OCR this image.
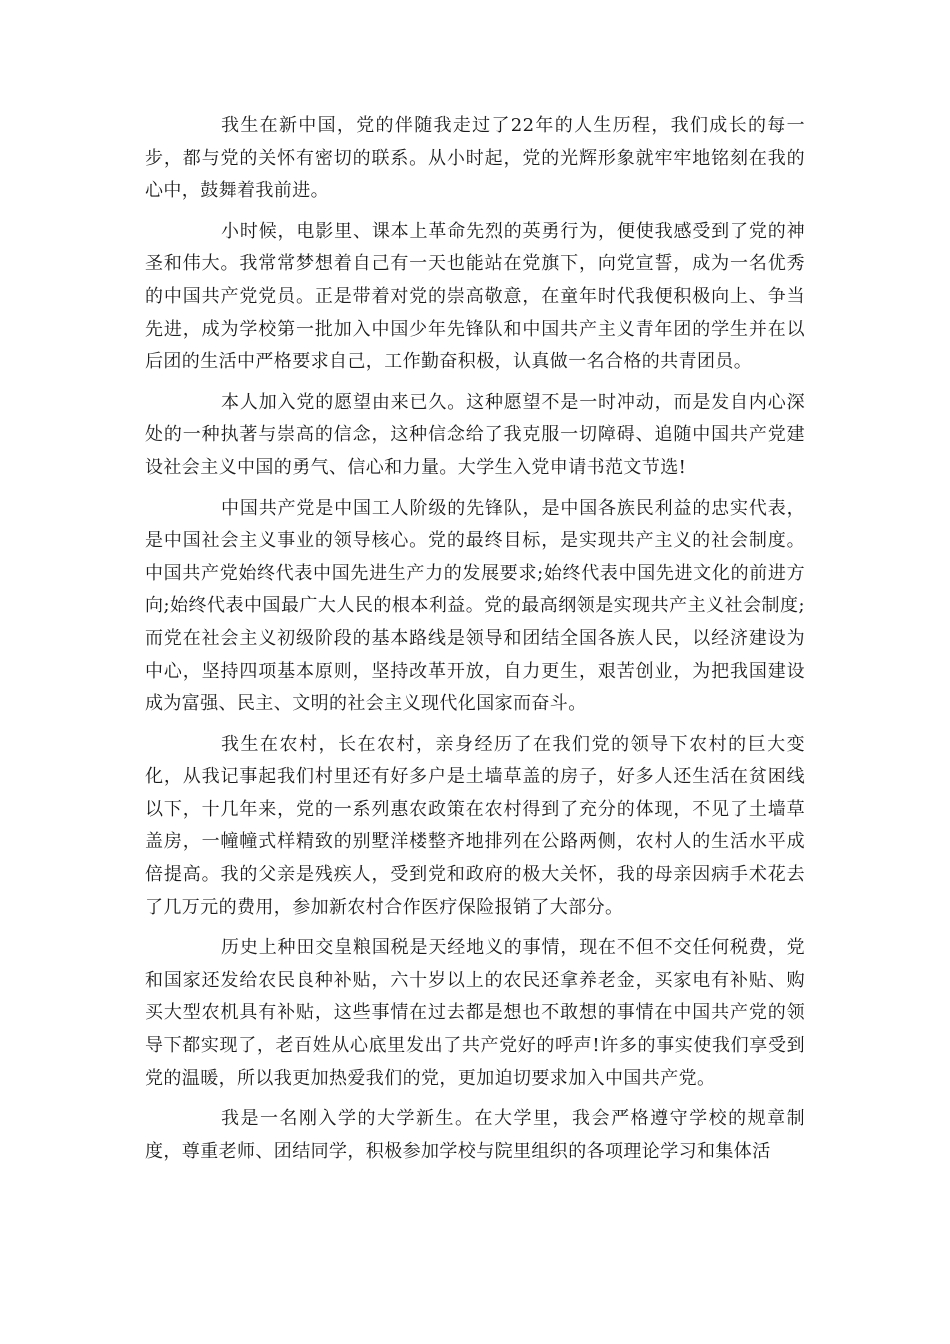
我生在新中国，党的伴随我走过了22年的人生历程，我们成长的每一步，都与党的关怀有密切的联系。从小时起，党的光辉形象就牢牢地铭刻在我的心中，鼓舞着我前进。

小时候，电影里、课本上革命先烈的英勇行为，便使我感受到了党的神圣和伟大。我常常梦想着自己有一天也能站在党旗下，向党宣誓，成为一名优秀的中国共产党党员。正是带着对党的崇高敬意，在童年时代我便积极向上、争当先进，成为学校第一批加入中国少年先锋队和中国共产主义青年团的学生并在以后团的生活中严格要求自己，工作勤奋积极，认真做一名合格的共青团员。

本人加入党的愿望由来已久。这种愿望不是一时冲动，而是发自内心深处的一种执著与崇高的信念，这种信念给了我克服一切障碍、追随中国共产党建设社会主义中国的勇气、信心和力量。大学生入党申请书范文节选!

中国共产党是中国工人阶级的先锋队，是中国各族民利益的忠实代表，是中国社会主义事业的领导核心。党的最终目标，是实现共产主义的社会制度。中国共产党始终代表中国先进生产力的发展要求;始终代表中国先进文化的前进方向;始终代表中国最广大人民的根本利益。党的最高纲领是实现共产主义社会制度;而党在社会主义初级阶段的基本路线是领导和团结全国各族人民，以经济建设为中心，坚持四项基本原则，坚持改革开放，自力更生，艰苦创业，为把我国建设成为富强、民主、文明的社会主义现代化国家而奋斗。

我生在农村，长在农村，亲身经历了在我们党的领导下农村的巨大变化，从我记事起我们村里还有好多户是土墙草盖的房子，好多人还生活在贫困线以下，十几年来，党的一系列惠农政策在农村得到了充分的体现，不见了土墙草盖房，一幢幢式样精致的别墅洋楼整齐地排列在公路两侧，农村人的生活水平成倍提高。我的父亲是残疾人，受到党和政府的极大关怀，我的母亲因病手术花去了几万元的费用，参加新农村合作医疗保险报销了大部分。

历史上种田交皇粮国税是天经地义的事情，现在不但不交任何税费，党和国家还发给农民良种补贴，六十岁以上的农民还拿养老金，买家电有补贴、购买大型农机具有补贴，这些事情在过去都是想也不敢想的事情在中国共产党的领导下都实现了，老百姓从心底里发出了共产党好的呼声!许多的事实使我们享受到党的温暖，所以我更加热爱我们的党，更加迫切要求加入中国共产党。

我是一名刚入学的大学新生。在大学里，我会严格遵守学校的规章制度，尊重老师、团结同学，积极参加学校与院里组织的各项理论学习和集体活
